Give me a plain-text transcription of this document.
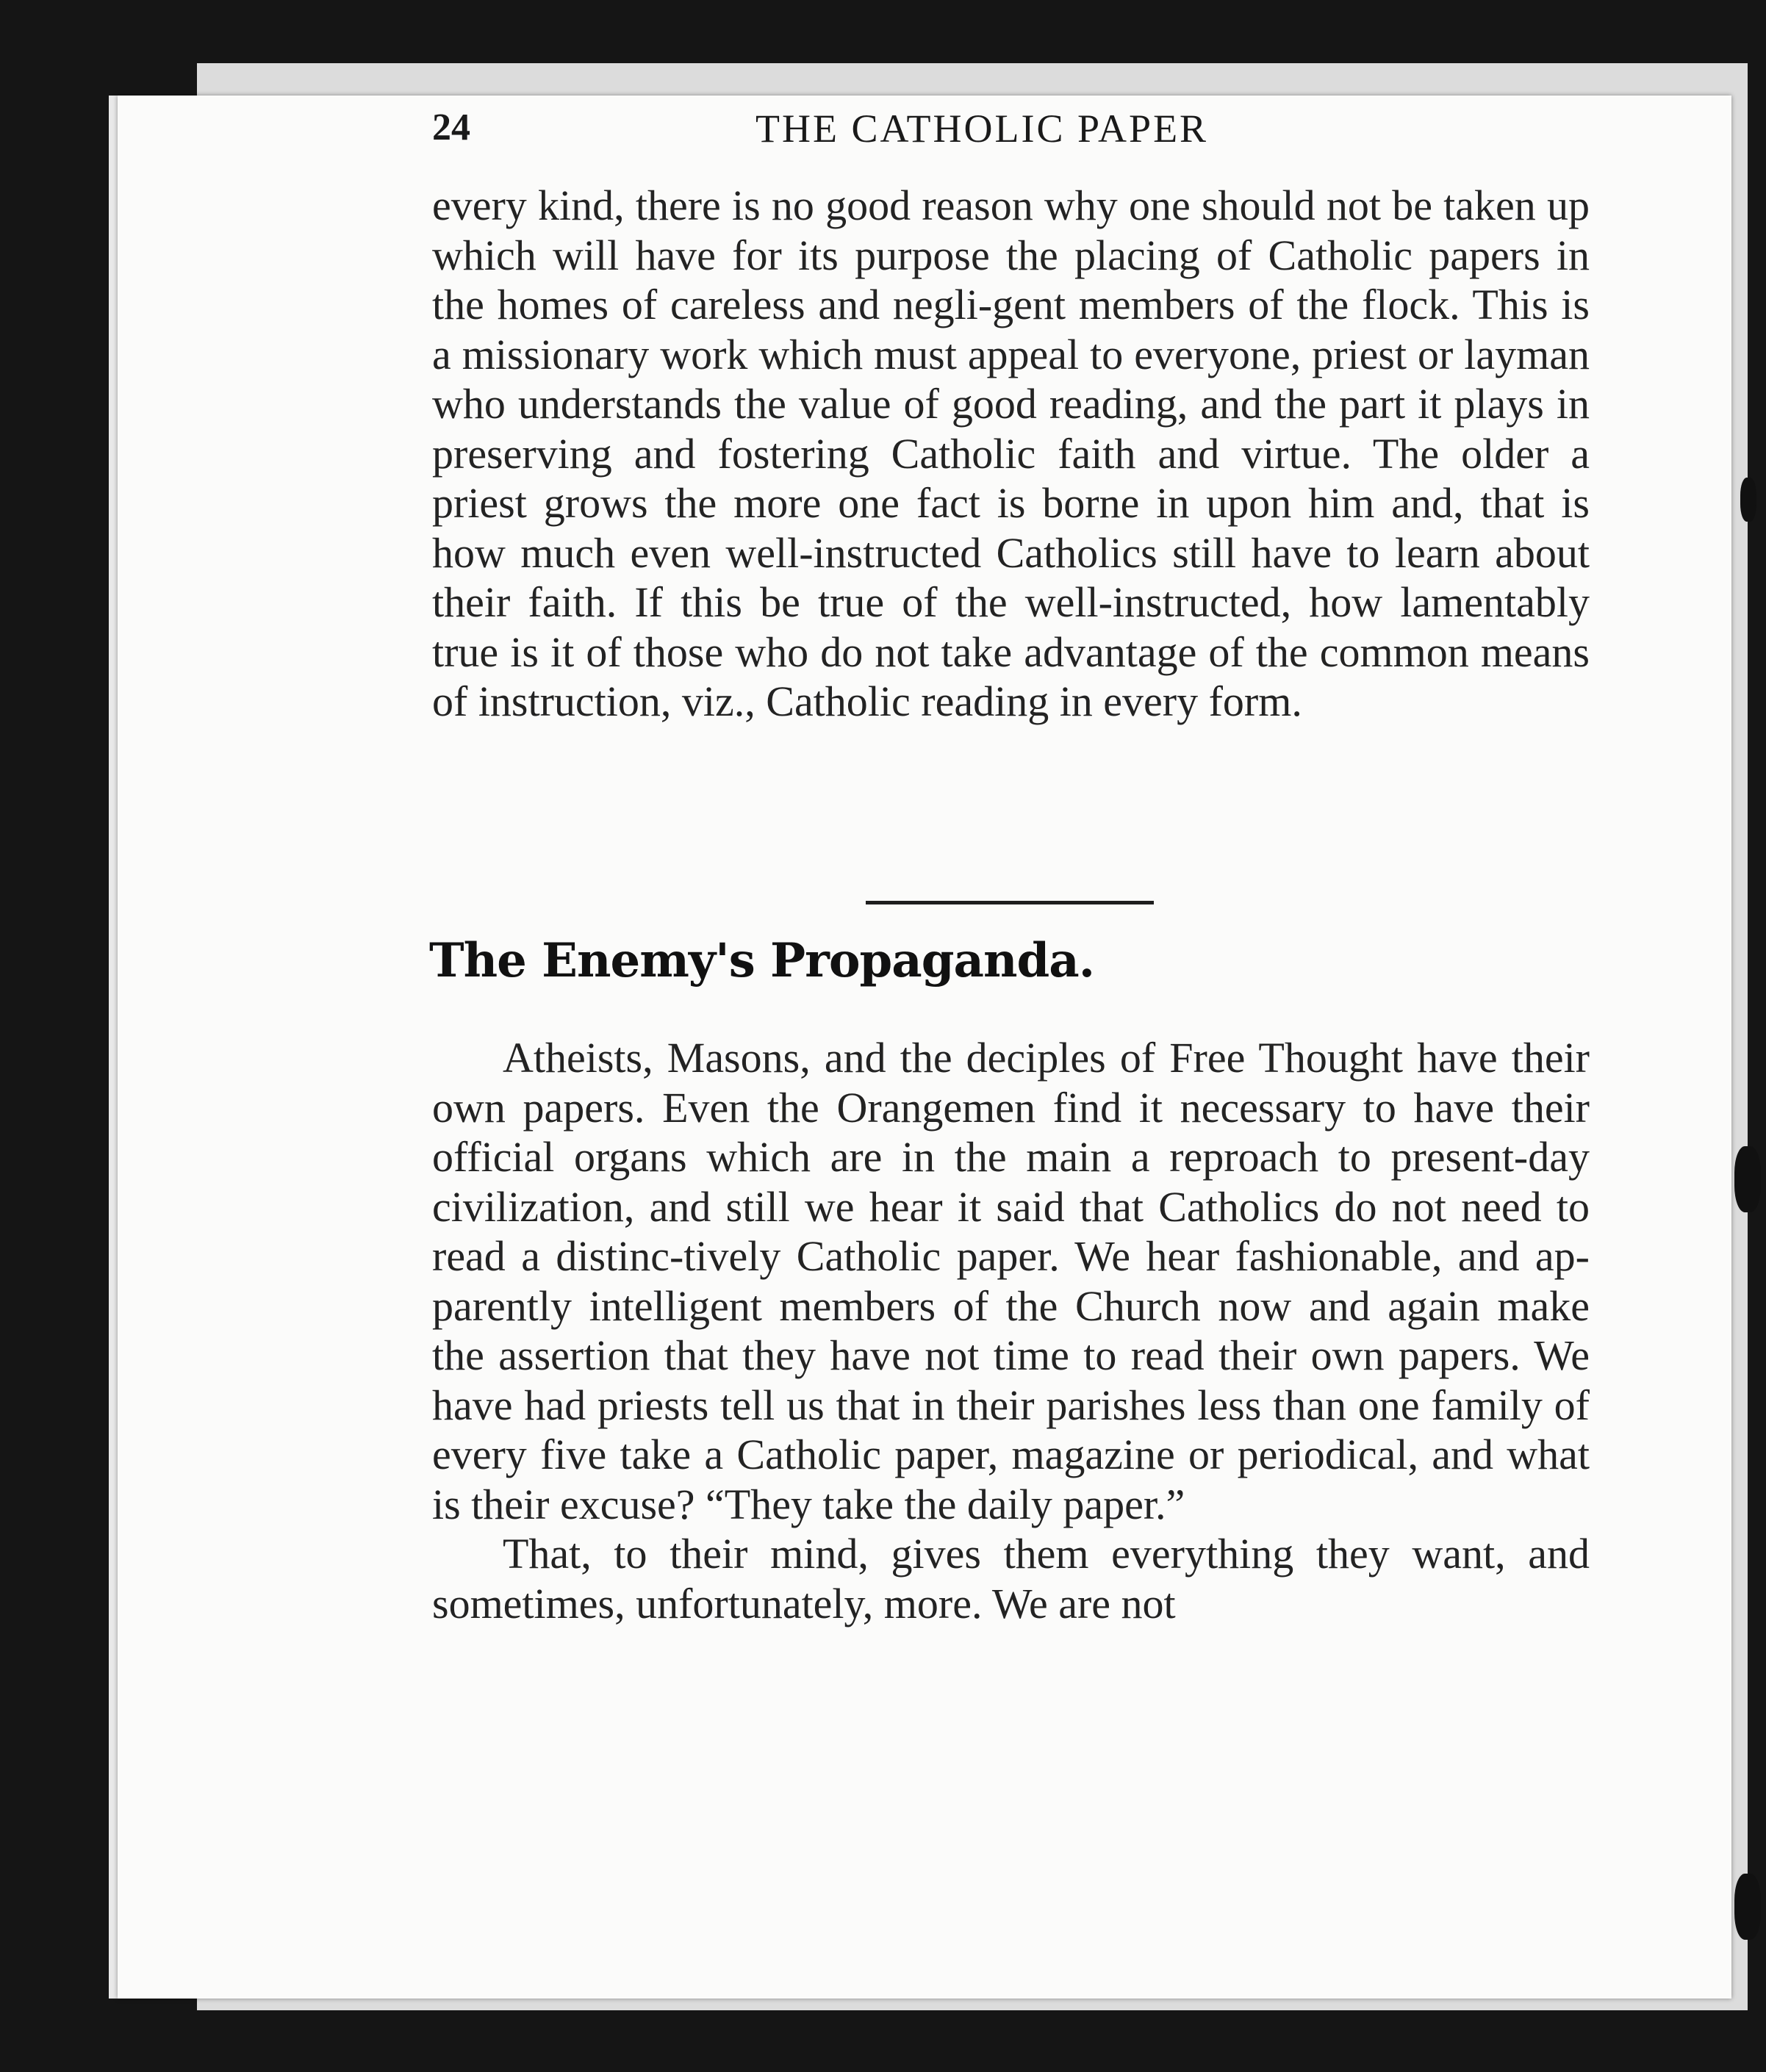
24	THE CATHOLIC PAPER

every kind, there is no good reason why one should not be taken up which will have for its purpose the placing of Catholic papers in the homes of careless and negli-gent members of the flock. This is a missionary work which must appeal to everyone, priest or layman who understands the value of good reading, and the part it plays in preserving and fostering Catholic faith and virtue. The older a priest grows the more one fact is borne in upon him and, that is how much even well-instructed Catholics still have to learn about their faith. If this be true of the well-instructed, how lamentably true is it of those who do not take advantage of the common means of instruction, viz., Catholic reading in every form.

The Enemy's Propaganda.

Atheists, Masons, and the deciples of Free Thought have their own papers. Even the Orangemen find it necessary to have their official organs which are in the main a reproach to present-day civilization, and still we hear it said that Catholics do not need to read a distinc-tively Catholic paper. We hear fashionable, and ap-parently intelligent members of the Church now and again make the assertion that they have not time to read their own papers. We have had priests tell us that in their parishes less than one family of every five take a Catholic paper, magazine or periodical, and what is their excuse? “They take the daily paper.”

That, to their mind, gives them everything they want, and sometimes, unfortunately, more. We are not
